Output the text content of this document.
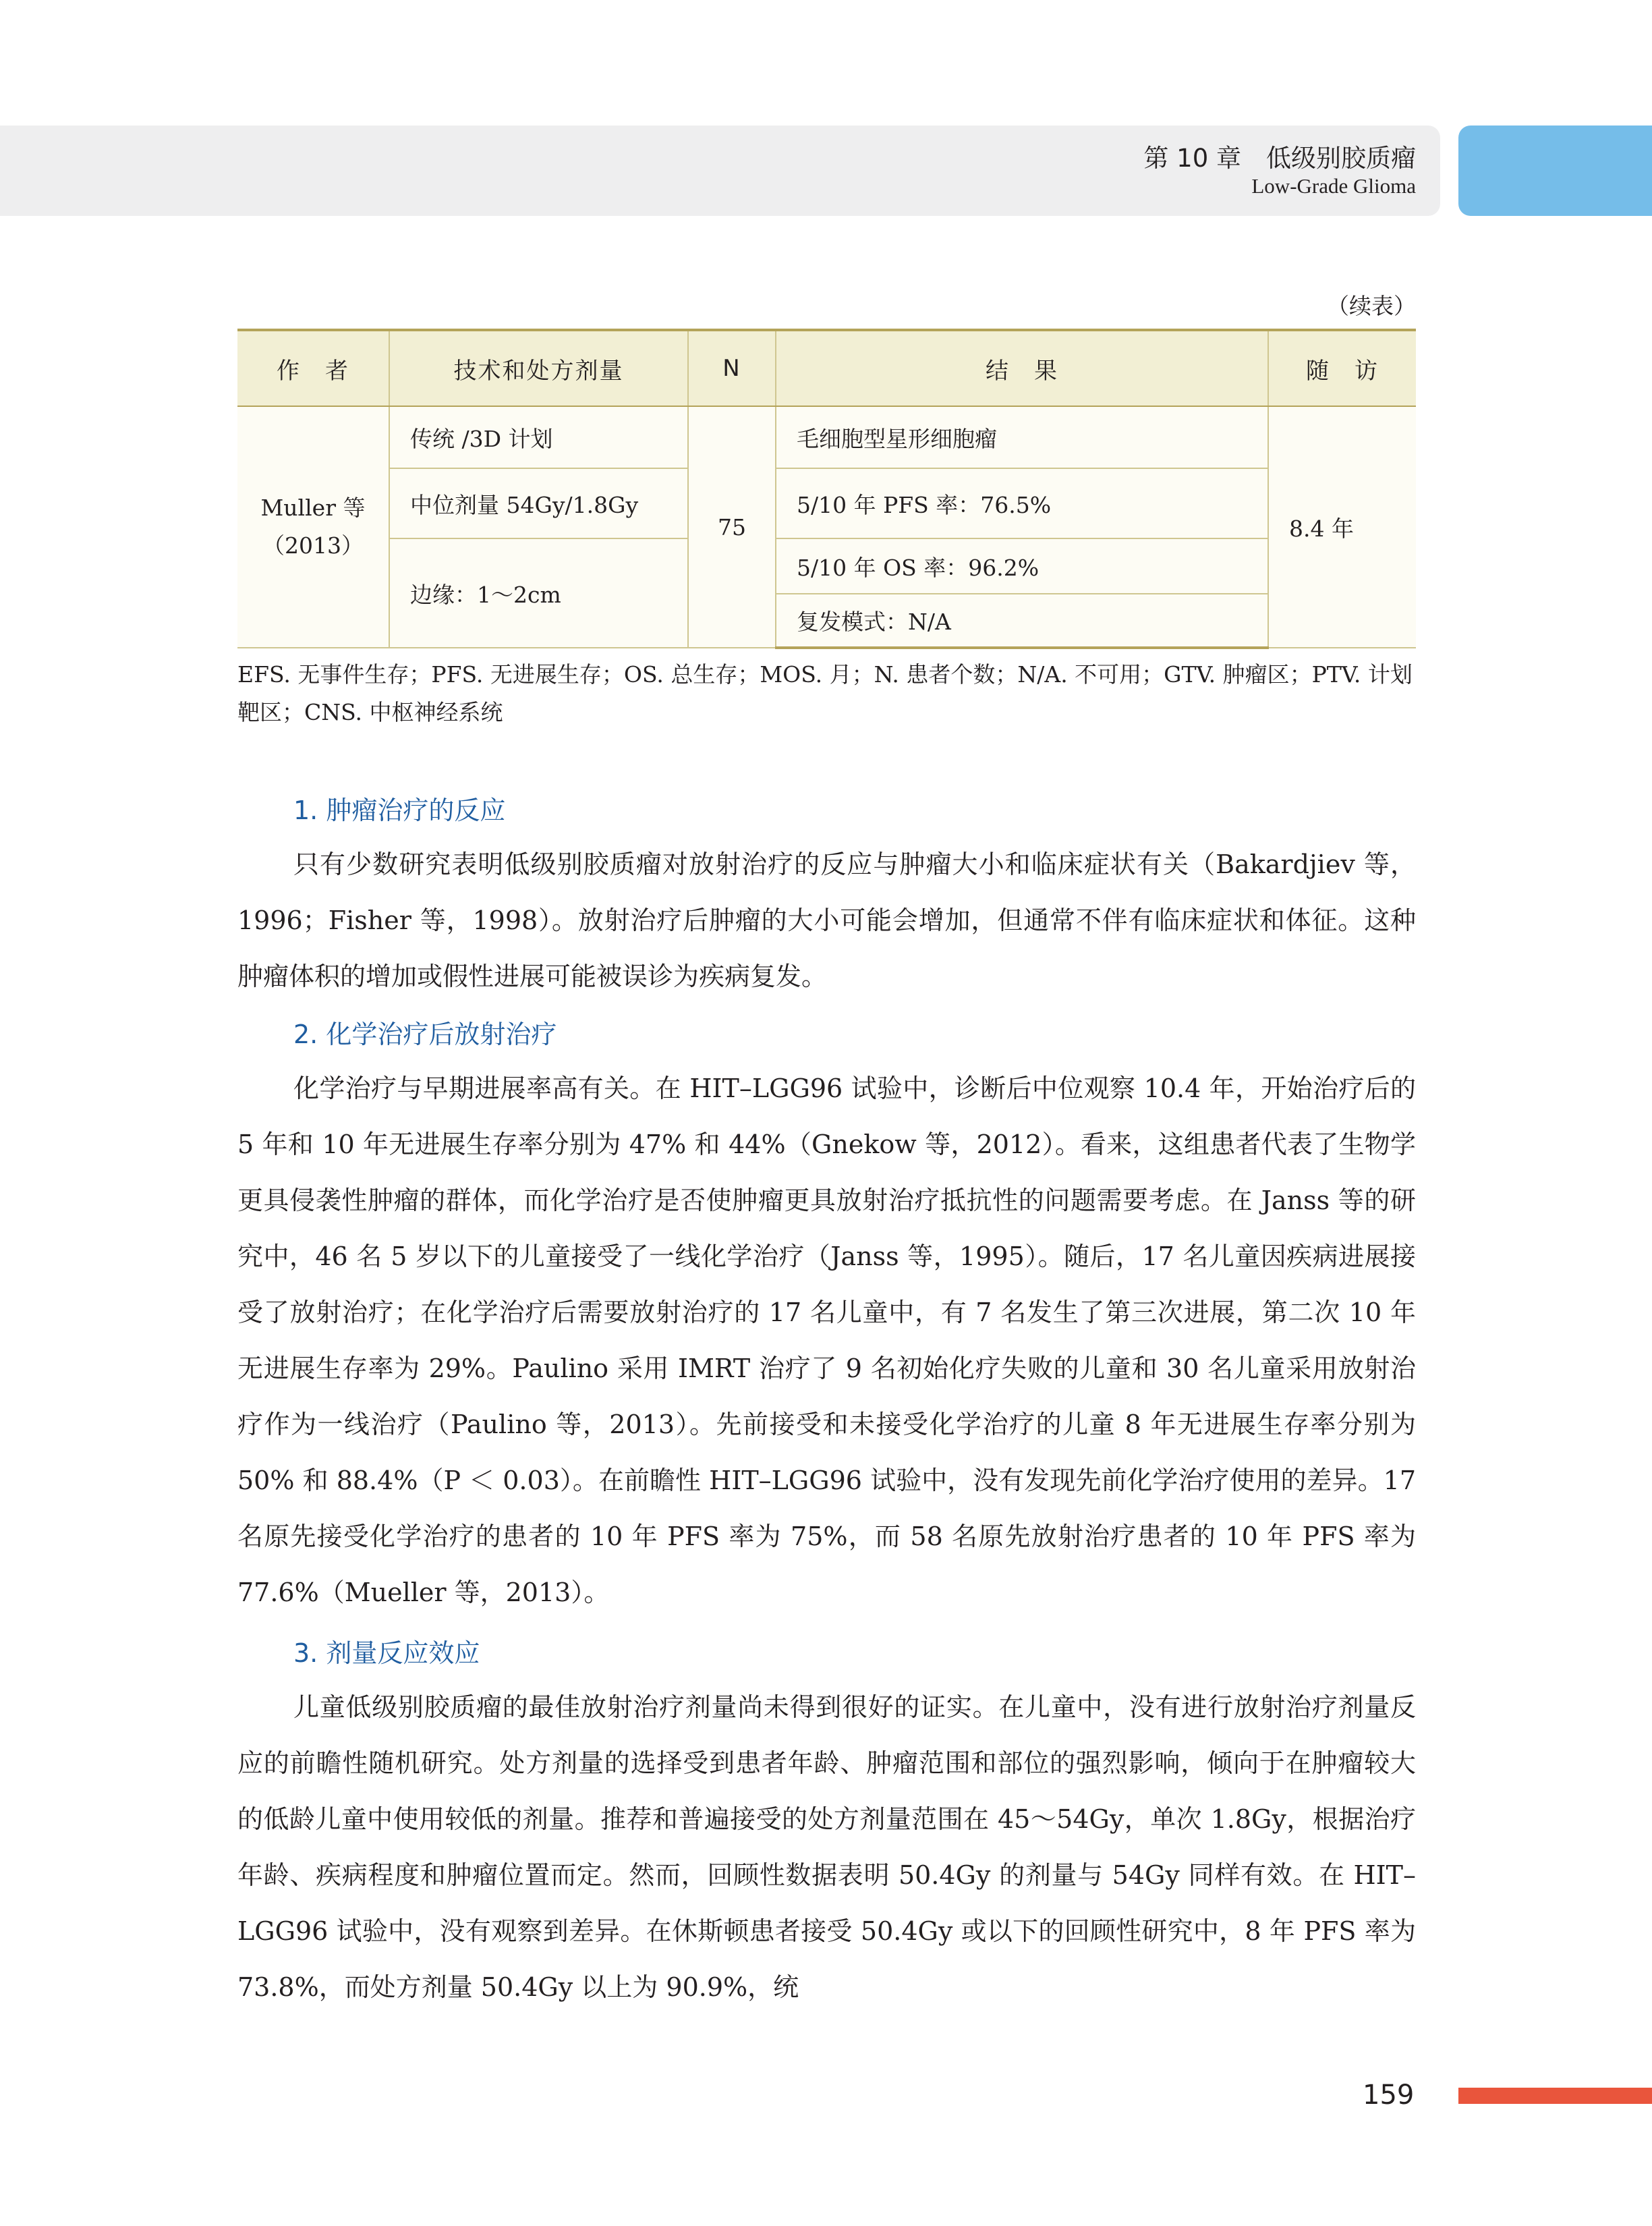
第 10 章　低级别胶质瘤
Low-Grade Glioma
（续表）
作　者	技术和处方剂量	N	结　果	随　访
Muller 等（2013）	传统 /3D 计划	75	毛细胞型星形细胞瘤	8.4 年
	中位剂量 54Gy/1.8Gy		5/10 年 PFS 率：76.5%	
	边缘：1～2cm		5/10 年 OS 率：96.2%	
			复发模式：N/A	
EFS. 无事件生存；PFS. 无进展生存；OS. 总生存；MOS. 月；N. 患者个数；N/A. 不可用；GTV. 肿瘤区；PTV. 计划靶区；CNS. 中枢神经系统
1. 肿瘤治疗的反应
只有少数研究表明低级别胶质瘤对放射治疗的反应与肿瘤大小和临床症状有关（Bakardjiev 等，1996；Fisher 等，1998）。放射治疗后肿瘤的大小可能会增加，但通常不伴有临床症状和体征。这种肿瘤体积的增加或假性进展可能被误诊为疾病复发。
2. 化学治疗后放射治疗
化学治疗与早期进展率高有关。在 HIT–LGG96 试验中，诊断后中位观察 10.4 年，开始治疗后的 5 年和 10 年无进展生存率分别为 47% 和 44%（Gnekow 等，2012）。看来，这组患者代表了生物学更具侵袭性肿瘤的群体，而化学治疗是否使肿瘤更具放射治疗抵抗性的问题需要考虑。在 Janss 等的研究中，46 名 5 岁以下的儿童接受了一线化学治疗（Janss 等，1995）。随后，17 名儿童因疾病进展接受了放射治疗；在化学治疗后需要放射治疗的 17 名儿童中，有 7 名发生了第三次进展，第二次 10 年无进展生存率为 29%。Paulino 采用 IMRT 治疗了 9 名初始化疗失败的儿童和 30 名儿童采用放射治疗作为一线治疗（Paulino 等，2013）。先前接受和未接受化学治疗的儿童 8 年无进展生存率分别为 50% 和 88.4%（P ＜ 0.03）。在前瞻性 HIT–LGG96 试验中，没有发现先前化学治疗使用的差异。17 名原先接受化学治疗的患者的 10 年 PFS 率为 75%，而 58 名原先放射治疗患者的 10 年 PFS 率为 77.6%（Mueller 等，2013）。
3. 剂量反应效应
儿童低级别胶质瘤的最佳放射治疗剂量尚未得到很好的证实。在儿童中，没有进行放射治疗剂量反应的前瞻性随机研究。处方剂量的选择受到患者年龄、肿瘤范围和部位的强烈影响，倾向于在肿瘤较大的低龄儿童中使用较低的剂量。推荐和普遍接受的处方剂量范围在 45～54Gy，单次 1.8Gy，根据治疗年龄、疾病程度和肿瘤位置而定。然而，回顾性数据表明 50.4Gy 的剂量与 54Gy 同样有效。在 HIT–LGG96 试验中，没有观察到差异。在休斯顿患者接受 50.4Gy 或以下的回顾性研究中，8 年 PFS 率为 73.8%，而处方剂量 50.4Gy 以上为 90.9%，统
159
